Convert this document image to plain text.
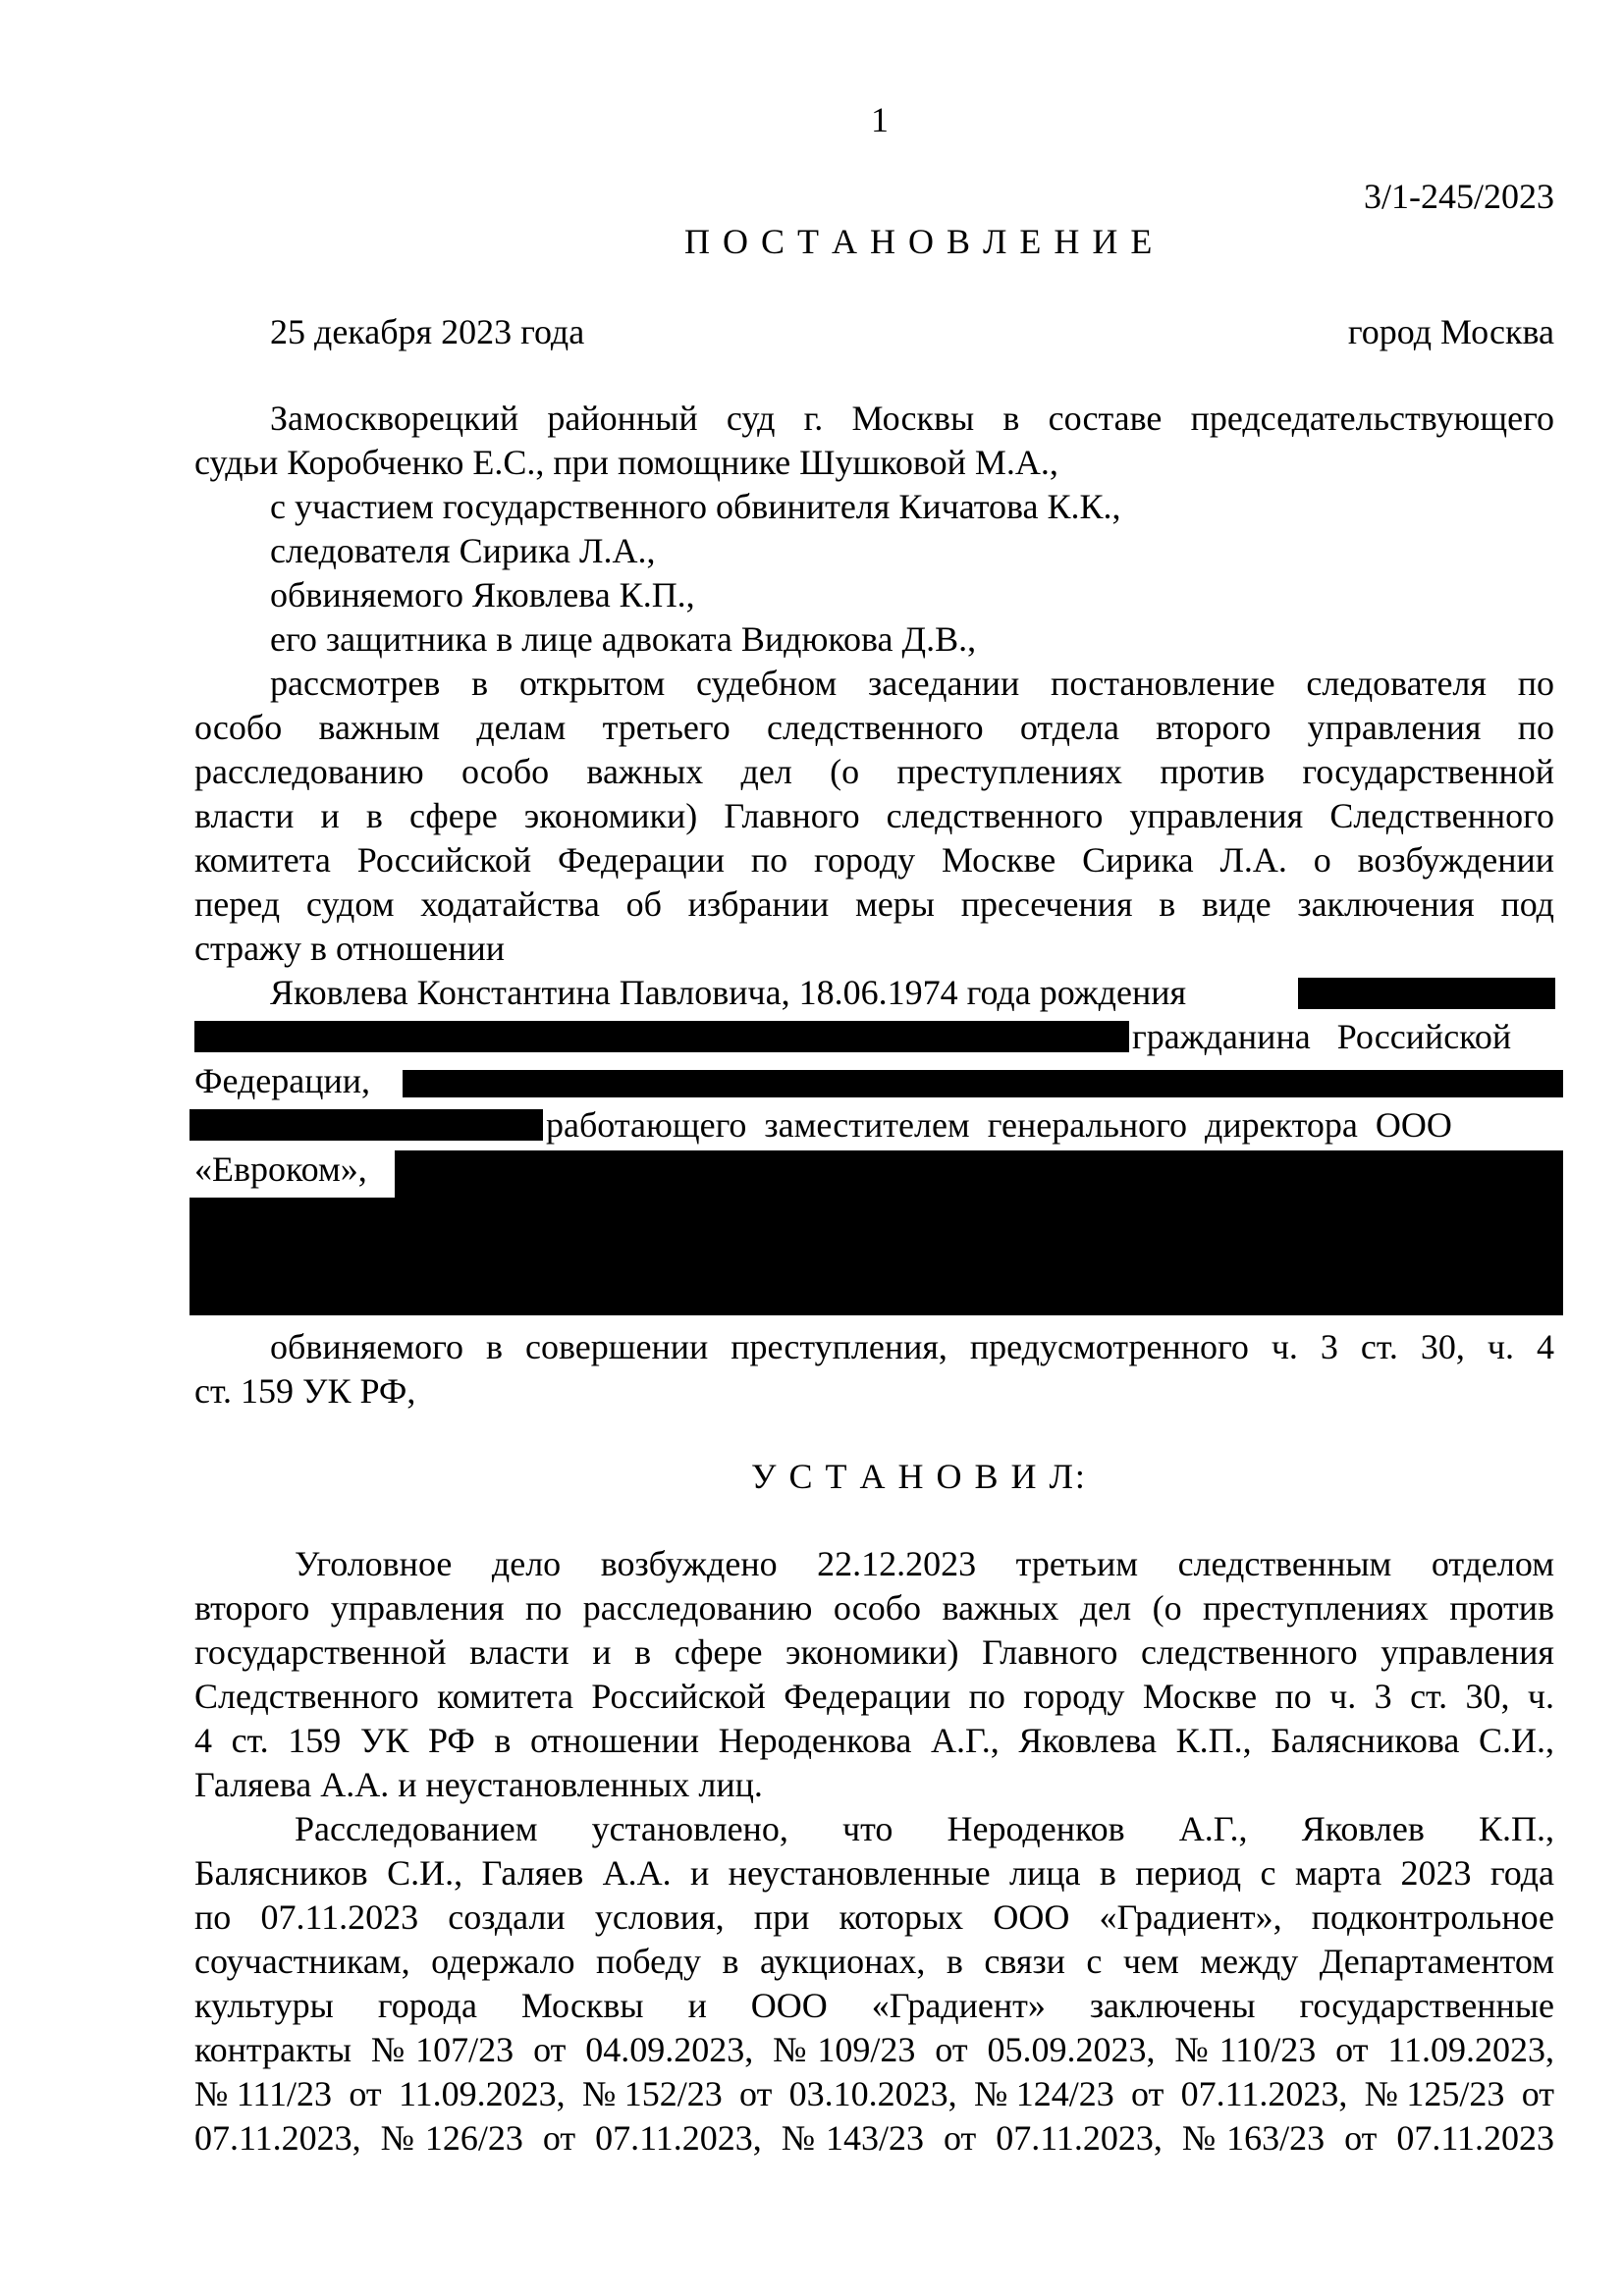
1
3/1-245/2023
П О С Т А Н О В Л Е Н И Е
25 декабря 2023 года	город Москва
Замоскворецкий районный суд г. Москвы в составе председательствующего
судьи Коробченко Е.С., при помощнике Шушковой М.А.,
с участием государственного обвинителя Кичатова К.К.,
следователя Сирика Л.А.,
обвиняемого Яковлева К.П.,
его защитника в лице адвоката Видюкова Д.В.,
рассмотрев в открытом судебном заседании постановление следователя по
особо важным делам третьего следственного отдела второго управления по
расследованию особо важных дел (о преступлениях против государственной
власти и в сфере экономики) Главного следственного управления Следственного
комитета Российской Федерации по городу Москве Сирика Л.А. о возбуждении
перед судом ходатайства об избрании меры пресечения в виде заключения под
стражу в отношении
Яковлева Константина Павловича, 18.06.1974 года рождения
гражданина   Российской
Федерации,
работающего  заместителем  генерального  директора  ООО
«Евроком»,
обвиняемого в совершении преступления, предусмотренного ч. 3 ст. 30, ч. 4
ст. 159 УК РФ,
У С Т А Н О В И Л:
Уголовное дело возбуждено 22.12.2023 третьим следственным отделом
второго управления по расследованию особо важных дел (о преступлениях против
государственной власти и в сфере экономики) Главного следственного управления
Следственного комитета Российской Федерации по городу Москве по ч. 3 ст. 30, ч.
4 ст. 159 УК РФ в отношении Нероденкова А.Г., Яковлева К.П., Балясникова С.И.,
Галяева А.А. и неустановленных лиц.
Расследованием установлено, что Нероденков А.Г., Яковлев К.П.,
Балясников С.И., Галяев А.А. и неустановленные лица в период с марта 2023 года
по 07.11.2023 создали условия, при которых ООО «Градиент», подконтрольное
соучастникам, одержало победу в аукционах, в связи с чем между Департаментом
культуры города Москвы и ООО «Градиент» заключены государственные
контракты №107/23 от 04.09.2023, №109/23 от 05.09.2023, №110/23 от 11.09.2023,
№111/23 от 11.09.2023, №152/23 от 03.10.2023, №124/23 от 07.11.2023, №125/23 от
07.11.2023, №126/23 от 07.11.2023, №143/23 от 07.11.2023, №163/23 от 07.11.2023
